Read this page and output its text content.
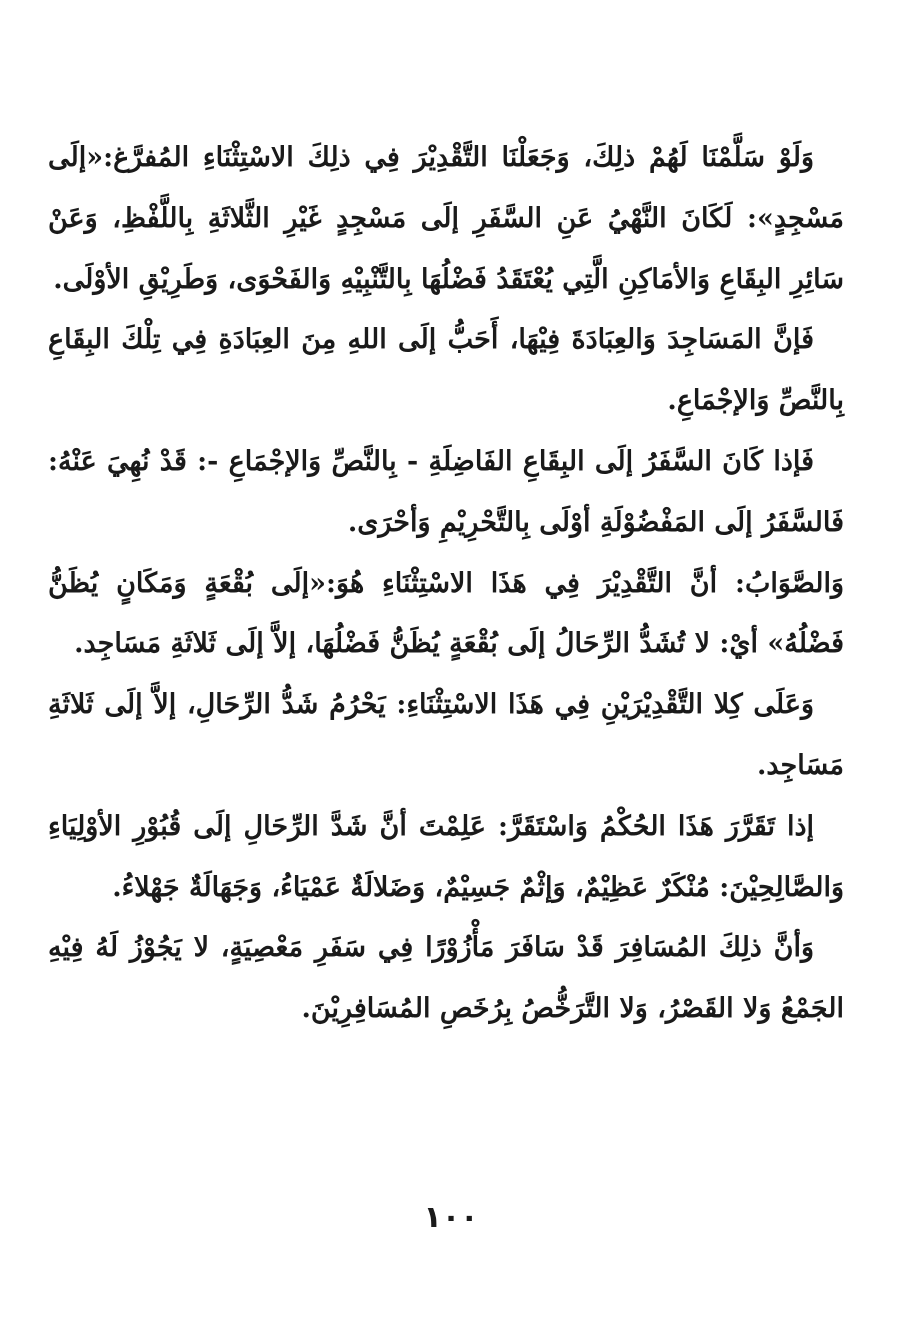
وَلَوْ سَلَّمْنَا لَهُمْ ذلِكَ، وَجَعَلْنَا التَّقْدِيْرَ فِي ذلِكَ الاسْتِثْنَاءِ المُفرَّغ:«إلَى مَسْجِدٍ»: لَكَانَ النَّهْيُ عَنِ السَّفَرِ إلَى مَسْجِدٍ غَيْرِ الثَّلاثَةِ بِاللَّفْظِ، وَعَنْ سَائِرِ البِقَاعِ وَالأمَاكِنِ الَّتِي يُعْتَقَدُ فَضْلُهَا بِالتَّنْبِيْهِ وَالفَحْوَى، وَطَرِيْقِ الأوْلَى.

فَإنَّ المَسَاجِدَ وَالعِبَادَةَ فِيْهَا، أَحَبُّ إلَى اللهِ مِنَ العِبَادَةِ فِي تِلْكَ البِقَاعِ بِالنَّصِّ وَالإجْمَاعِ.

فَإذا كَانَ السَّفَرُ إلَى البِقَاعِ الفَاضِلَةِ - بِالنَّصِّ وَالإجْمَاعِ -: قَدْ نُهِيَ عَنْهُ: فَالسَّفَرُ إلَى المَفْضُوْلَةِ أوْلَى بِالتَّحْرِيْمِ وَأحْرَى.

وَالصَّوَابُ: أنَّ التَّقْدِيْرَ فِي هَذَا الاسْتِثْنَاءِ هُوَ:«إلَى بُقْعَةٍ وَمَكَانٍ يُظَنُّ فَضْلُهُ» أيْ: لا تُشَدُّ الرِّحَالُ إلَى بُقْعَةٍ يُظَنُّ فَضْلُهَا، إلاَّ إلَى ثَلاثَةِ مَسَاجِد.

وَعَلَى كِلا التَّقْدِيْرَيْنِ فِي هَذَا الاسْتِثْنَاءِ: يَحْرُمُ شَدُّ الرِّحَالِ، إلاَّ إلَى ثَلاثَةِ مَسَاجِد.

إذا تَقَرَّرَ هَذَا الحُكْمُ وَاسْتَقَرَّ: عَلِمْتَ أنَّ شَدَّ الرِّحَالِ إلَى قُبُوْرِ الأوْلِيَاءِ وَالصَّالِحِيْنَ: مُنْكَرٌ عَظِيْمٌ، وَإثْمٌ جَسِيْمٌ، وَضَلالَةٌ عَمْيَاءُ، وَجَهَالَةٌ جَهْلاءُ.

وَأنَّ ذلِكَ المُسَافِرَ قَدْ سَافَرَ مَأْزُوْرًا فِي سَفَرِ مَعْصِيَةٍ، لا يَجُوْزُ لَهُ فِيْهِ الجَمْعُ وَلا القَصْرُ، وَلا التَّرَخُّصُ بِرُخَصِ المُسَافِرِيْنَ.

١٠٠
